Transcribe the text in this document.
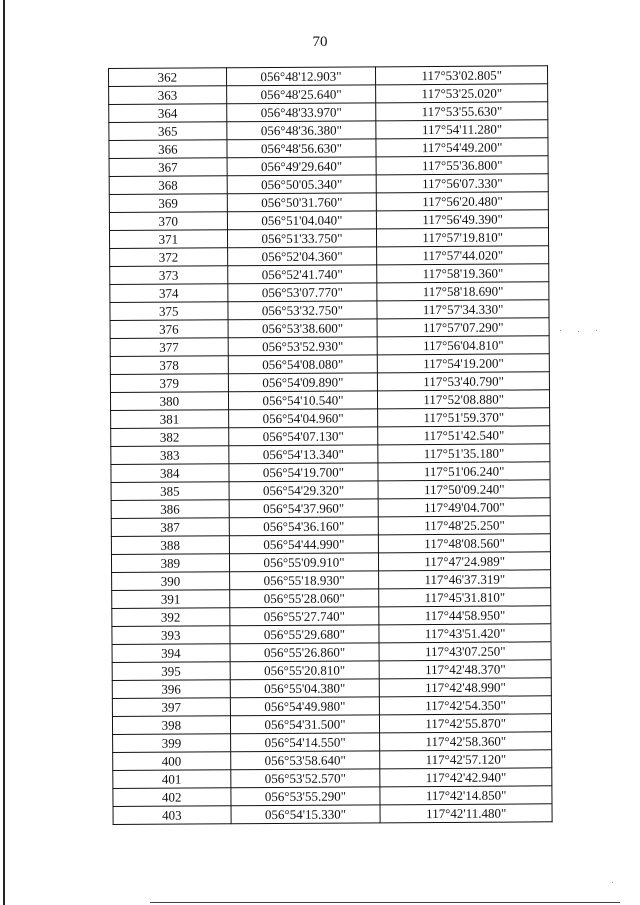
70
362	056°48'12.903"	117°53'02.805"
363	056°48'25.640"	117°53'25.020"
364	056°48'33.970"	117°53'55.630"
365	056°48'36.380"	117°54'11.280"
366	056°48'56.630"	117°54'49.200"
367	056°49'29.640"	117°55'36.800"
368	056°50'05.340"	117°56'07.330"
369	056°50'31.760"	117°56'20.480"
370	056°51'04.040"	117°56'49.390"
371	056°51'33.750"	117°57'19.810"
372	056°52'04.360"	117°57'44.020"
373	056°52'41.740"	117°58'19.360"
374	056°53'07.770"	117°58'18.690"
375	056°53'32.750"	117°57'34.330"
376	056°53'38.600"	117°57'07.290"
377	056°53'52.930"	117°56'04.810"
378	056°54'08.080"	117°54'19.200"
379	056°54'09.890"	117°53'40.790"
380	056°54'10.540"	117°52'08.880"
381	056°54'04.960"	117°51'59.370"
382	056°54'07.130"	117°51'42.540"
383	056°54'13.340"	117°51'35.180"
384	056°54'19.700"	117°51'06.240"
385	056°54'29.320"	117°50'09.240"
386	056°54'37.960"	117°49'04.700"
387	056°54'36.160"	117°48'25.250"
388	056°54'44.990"	117°48'08.560"
389	056°55'09.910"	117°47'24.989"
390	056°55'18.930"	117°46'37.319"
391	056°55'28.060"	117°45'31.810"
392	056°55'27.740"	117°44'58.950"
393	056°55'29.680"	117°43'51.420"
394	056°55'26.860"	117°43'07.250"
395	056°55'20.810"	117°42'48.370"
396	056°55'04.380"	117°42'48.990"
397	056°54'49.980"	117°42'54.350"
398	056°54'31.500"	117°42'55.870"
399	056°54'14.550"	117°42'58.360"
400	056°53'58.640"	117°42'57.120"
401	056°53'52.570"	117°42'42.940"
402	056°53'55.290"	117°42'14.850"
403	056°54'15.330"	117°42'11.480"
